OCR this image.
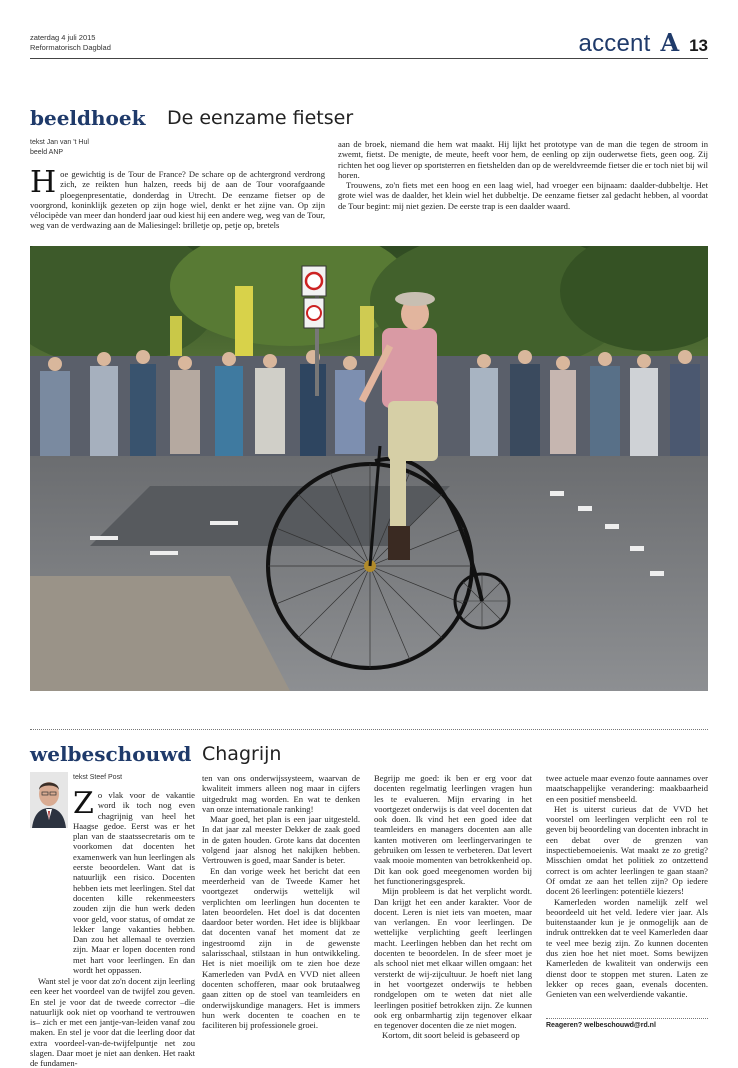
zaterdag 4 juli 2015
Reformatorisch Dagblad	accent A 13
beeldhoek De eenzame fietser
tekst Jan van 't Hul
beeld ANP
H oe gewichtig is de Tour de France? De schare op de achtergrond verdrong zich, ze reikten hun halzen, reeds bij de aan de Tour voorafgaande ploegenpresentatie, donderdag in Utrecht. De eenzame fietser op de voorgrond, koninklijk gezeten op zijn hoge wiel, denkt er het zijne van. Op zijn vélocipède van meer dan honderd jaar oud kiest hij een andere weg, weg van de Tour, weg van de verdwazing aan de Maliesingel: brilletje op, petje op, bretels

aan de broek, niemand die hem wat maakt. Hij lijkt het prototype van de man die tegen de stroom in zwemt, fietst. De menigte, de meute, heeft voor hem, de eenling op zijn ouderwetse fiets, geen oog. Zij richten het oog liever op sportsterren en fietshelden dan op de wereldvreemde fietser die er toch niet bij wil horen.

Trouwens, zo'n fiets met een hoog en een laag wiel, had vroeger een bijnaam: daalder-dubbeltje. Het grote wiel was de daalder, het klein wiel het dubbeltje. De eenzame fietser zal gedacht hebben, al voordat de Tour begint: mij niet gezien. De eerste trap is een daalder waard.

welbeschouwd Chagrijn
tekst Steef Post
Z o vlak voor de vakantie word ik toch nog even chagrijnig van heel het Haagse gedoe. Eerst was er het plan van de staatssecretaris om te voorkomen dat docenten het examenwerk van hun leerlingen als eerste beoordelen. Want dat is natuurlijk een risico. Docenten hebben iets met leerlingen. Stel dat docenten kille rekenmeesters zouden zijn die hun werk deden voor geld, voor status, of omdat ze lekker lange vakanties hebben. Dan zou het allemaal te overzien zijn. Maar er lopen docenten rond met hart voor leerlingen. En dan wordt het oppassen.

ten van ons onderwijssysteem, waarvan de kwaliteit immers alleen nog maar in cijfers uitgedrukt mag worden. En wat te denken van onze internationale ranking!

Maar goed, het plan is een jaar uitgesteld. In dat jaar zal meester Dekker de zaak goed in de gaten houden. Grote kans dat docenten volgend jaar alsnog het nakijken hebben. Vertrouwen is goed, maar Sander is beter.

En dan vorige week het bericht dat een meerderheid van de Tweede Kamer het voortgezet onderwijs wettelijk wil verplichten om leerlingen hun docenten te laten beoordelen. Het doel is dat docenten daardoor beter worden. Het idee is blijkbaar dat docenten vanaf het moment dat ze ingestroomd zijn in de gewenste salarisschaal, stilstaan in hun ontwikkeling. Het is niet moeilijk om te zien hoe deze Kamerleden van PvdA en VVD niet alleen docenten schofferen, maar ook brutaalweg gaan zitten op de stoel van teamleiders en onderwijskundige managers. Het is immers hun werk docenten te coachen en te faciliteren bij professionele groei.

Begrijp me goed: ik ben er erg voor dat docenten regelmatig leerlingen vragen hun les te evalueren. Mijn ervaring in het voortgezet onderwijs is dat veel docenten dat ook doen. Ik vind het een goed idee dat teamleiders en managers docenten aan alle kanten motiveren om leerlingervaringen te gebruiken om lessen te verbeteren. Dat levert vaak mooie momenten van betrokkenheid op. Dit kan ook goed meegenomen worden bij het functioneringsgesprek.

Mijn probleem is dat het verplicht wordt. Dan krijgt het een ander karakter. Voor de docent. Leren is niet iets van moeten, maar van verlangen. En voor leerlingen. De wettelijke verplichting geeft leerlingen macht. Leerlingen hebben dan het recht om docenten te beoordelen. In de sfeer moet je als school niet met elkaar willen omgaan: het versterkt de wij-zijcultuur. Je hoeft niet lang in het voortgezet onderwijs te hebben rondgelopen om te weten dat niet alle leerlingen positief betrokken zijn. Ze kunnen ook erg onbarmhartig zijn tegenover elkaar en tegenover docenten die ze niet mogen.

Kortom, dit soort beleid is gebaseerd op

twee actuele maar evenzo foute aannames over maatschappelijke verandering: maakbaarheid en een positief mensbeeld.

Het is uiterst curieus dat de VVD het voorstel om leerlingen verplicht een rol te geven bij beoordeling van docenten inbracht in een debat over de grenzen van inspectiebemoeienis. Wat maakt ze zo gretig? Misschien omdat het politiek zo ontzettend correct is om achter leerlingen te gaan staan? Of omdat ze aan het tellen zijn? Op iedere docent 26 leerlingen: potentiële kiezers!

Kamerleden worden namelijk zelf wel beoordeeld uit het veld. Iedere vier jaar. Als buitenstaander kun je je onmogelijk aan de indruk onttrekken dat te veel Kamerleden daar te veel mee bezig zijn. Zo kunnen docenten dus zien hoe het niet moet. Soms bewijzen Kamerleden de kwaliteit van onderwijs een dienst door te stoppen met sturen. Laten ze lekker op reces gaan, evenals docenten. Genieten van een welverdiende vakantie.

Reageren? welbeschouwd@rd.nl

Want stel je voor dat zo'n docent zijn leerling een keer het voordeel van de twijfel zou geven. En stel je voor dat de tweede corrector –die natuurlijk ook niet op voorhand te vertrouwen is– zich er met een jantje-van-leiden vanaf zou maken. En stel je voor dat die leerling door dat extra voordeel-van-de-twijfelpuntje net zou slagen. Daar moet je niet aan denken. Het raakt de fundamen-
